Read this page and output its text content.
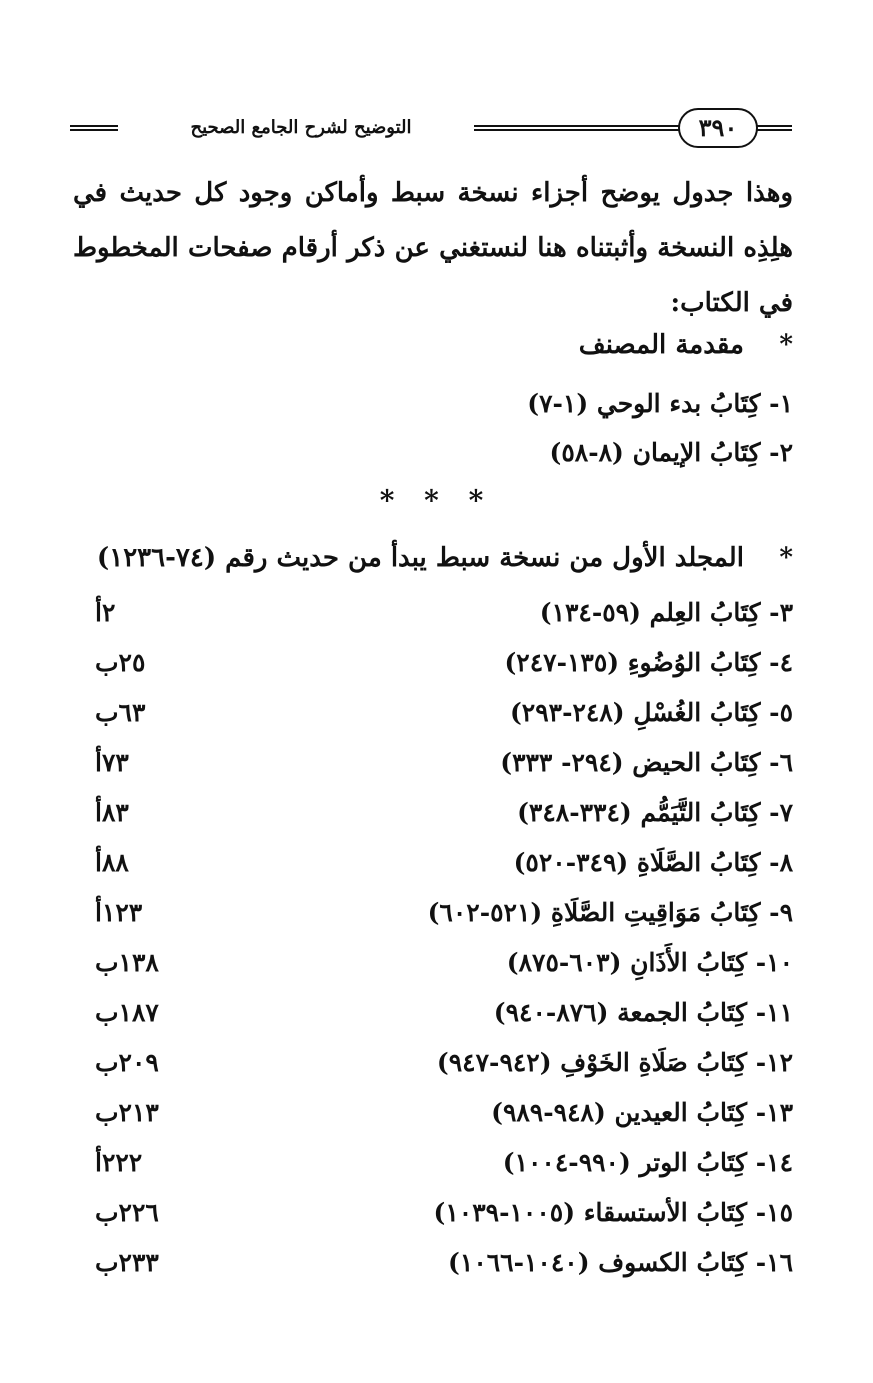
٣٩٠
التوضيح لشرح الجامع الصحيح
وهذا جدول يوضح أجزاء نسخة سبط وأماكن وجود كل حديث في هلِذِه النسخة وأثبتناه هنا لنستغني عن ذكر أرقام صفحات المخطوط في الكتاب:
* مقدمة المصنف
١- كِتَابُ بدء الوحي (١-٧)
٢- كِتَابُ الإيمان (٨-٥٨)
* * *
* المجلد الأول من نسخة سبط يبدأ من حديث رقم (٧٤-١٢٣٦)
٣- كِتَابُ العِلم (٥٩-١٣٤)
٢أ
٤- كِتَابُ الوُضُوءِ (١٣٥-٢٤٧)
٢٥ب
٥- كِتَابُ الغُسْلِ (٢٤٨-٢٩٣)
٦٣ب
٦- كِتَابُ الحيض (٢٩٤- ٣٣٣)
٧٣أ
٧- كِتَابُ التَّيَمُّم (٣٣٤-٣٤٨)
٨٣أ
٨- كِتَابُ الصَّلَاةِ (٣٤٩-٥٢٠)
٨٨أ
٩- كِتَابُ مَوَاقِيتِ الصَّلَاةِ (٥٢١-٦٠٢)
١٢٣أ
١٠- كِتَابُ الأَذَانِ (٦٠٣-٨٧٥)
١٣٨ب
١١- كِتَابُ الجمعة (٨٧٦-٩٤٠)
١٨٧ب
١٢- كِتَابُ صَلَاةِ الخَوْفِ (٩٤٢-٩٤٧)
٢٠٩ب
١٣- كِتَابُ العيدين (٩٤٨-٩٨٩)
٢١٣ب
١٤- كِتَابُ الوتر (٩٩٠-١٠٠٤)
٢٢٢أ
١٥- كِتَابُ الأستسقاء (١٠٠٥-١٠٣٩)
٢٢٦ب
١٦- كِتَابُ الكسوف (١٠٤٠-١٠٦٦)
٢٣٣ب
